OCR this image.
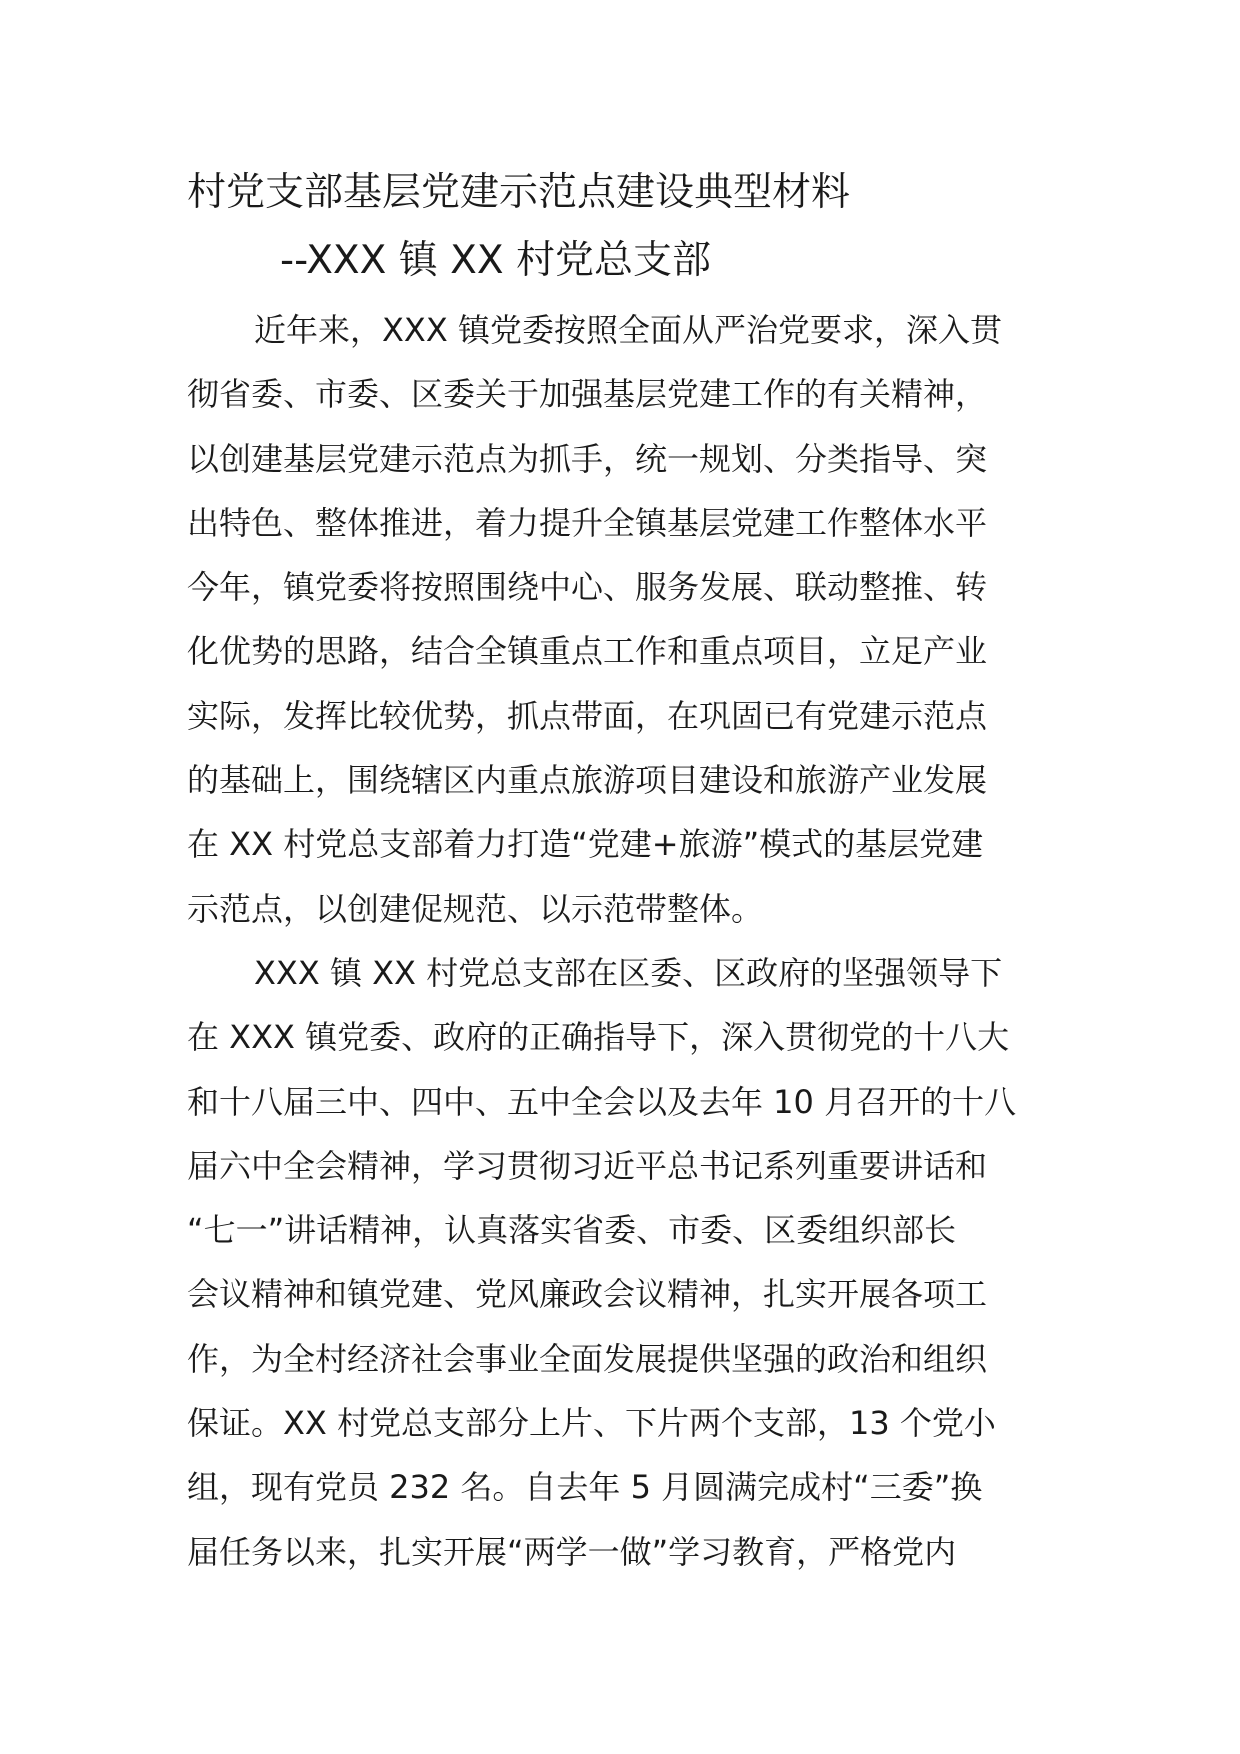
村党支部基层党建示范点建设典型材料
--XXX 镇 XX 村党总支部

近年来，XXX 镇党委按照全面从严治党要求，深入贯

彻省委、市委、区委关于加强基层党建工作的有关精神，

以创建基层党建示范点为抓手，统一规划、分类指导、突

出特色、整体推进，着力提升全镇基层党建工作整体水平

今年，镇党委将按照围绕中心、服务发展、联动整推、转

化优势的思路，结合全镇重点工作和重点项目，立足产业

实际，发挥比较优势，抓点带面，在巩固已有党建示范点

的基础上，围绕辖区内重点旅游项目建设和旅游产业发展

在 XX 村党总支部着力打造“党建+旅游”模式的基层党建

示范点，以创建促规范、以示范带整体。

XXX 镇 XX 村党总支部在区委、区政府的坚强领导下

在 XXX 镇党委、政府的正确指导下，深入贯彻党的十八大

和十八届三中、四中、五中全会以及去年 10 月召开的十八

届六中全会精神，学习贯彻习近平总书记系列重要讲话和

“七一”讲话精神，认真落实省委、市委、区委组织部长

会议精神和镇党建、党风廉政会议精神，扎实开展各项工

作，为全村经济社会事业全面发展提供坚强的政治和组织

保证。XX 村党总支部分上片、下片两个支部，13 个党小

组，现有党员 232 名。自去年 5 月圆满完成村“三委”换

届任务以来，扎实开展“两学一做”学习教育，严格党内
